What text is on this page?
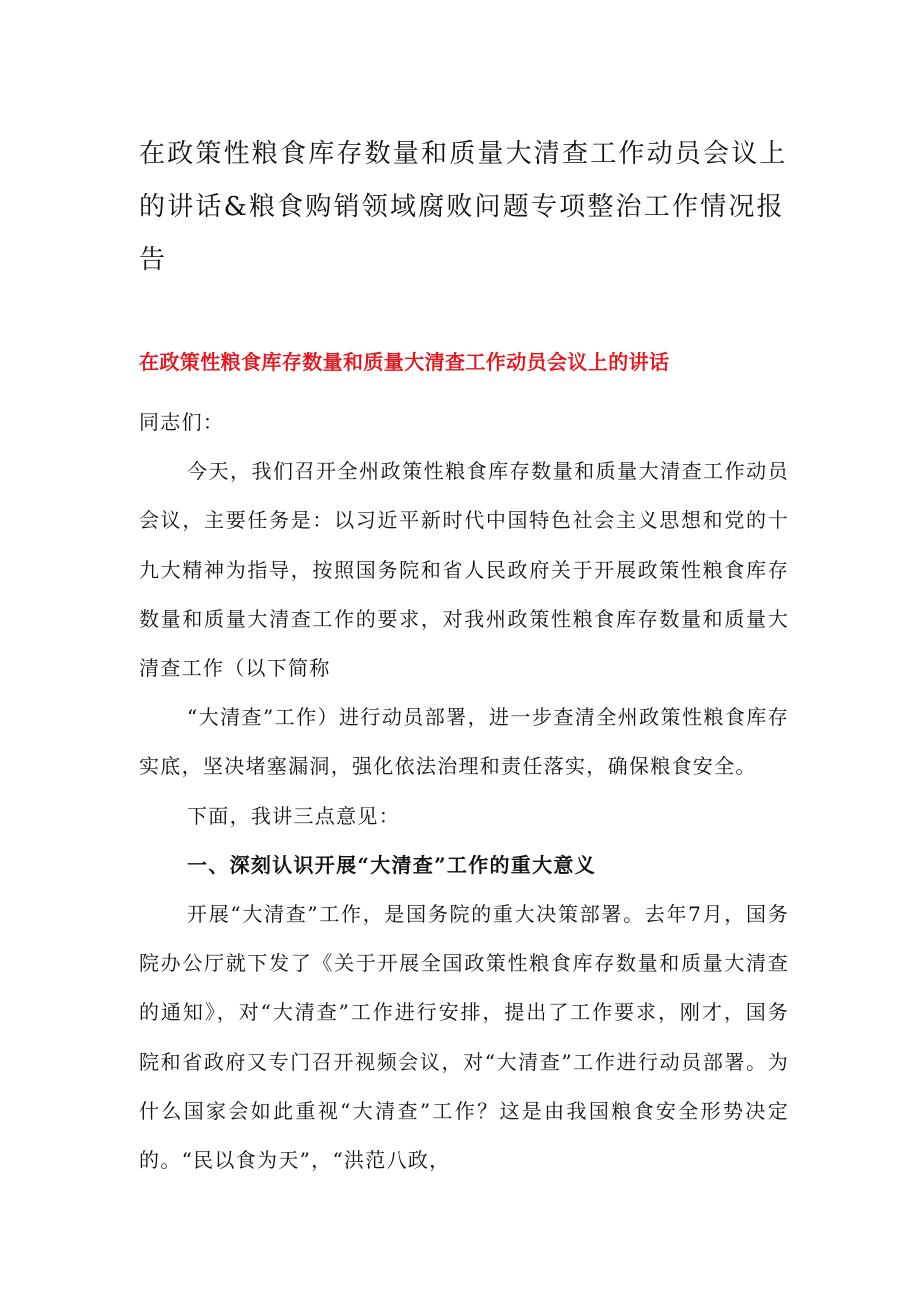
在政策性粮食库存数量和质量大清查工作动员会议上的讲话&粮食购销领域腐败问题专项整治工作情况报告
在政策性粮食库存数量和质量大清查工作动员会议上的讲话

同志们：

今天，我们召开全州政策性粮食库存数量和质量大清查工作动员会议，主要任务是：以习近平新时代中国特色社会主义思想和党的十九大精神为指导，按照国务院和省人民政府关于开展政策性粮食库存数量和质量大清查工作的要求，对我州政策性粮食库存数量和质量大清查工作（以下简称
“大清查”工作）进行动员部署，进一步查清全州政策性粮食库存实底，坚决堵塞漏洞，强化依法治理和责任落实，确保粮食安全。

下面，我讲三点意见：

一、深刻认识开展“大清查”工作的重大意义

开展“大清查”工作，是国务院的重大决策部署。去年7月，国务院办公厅就下发了《关于开展全国政策性粮食库存数量和质量大清查的通知》，对“大清查”工作进行安排，提出了工作要求，刚才，国务院和省政府又专门召开视频会议，对“大清查”工作进行动员部署。为什么国家会如此重视“大清查”工作？这是由我国粮食安全形势决定的。“民以食为天”，“洪范八政，
